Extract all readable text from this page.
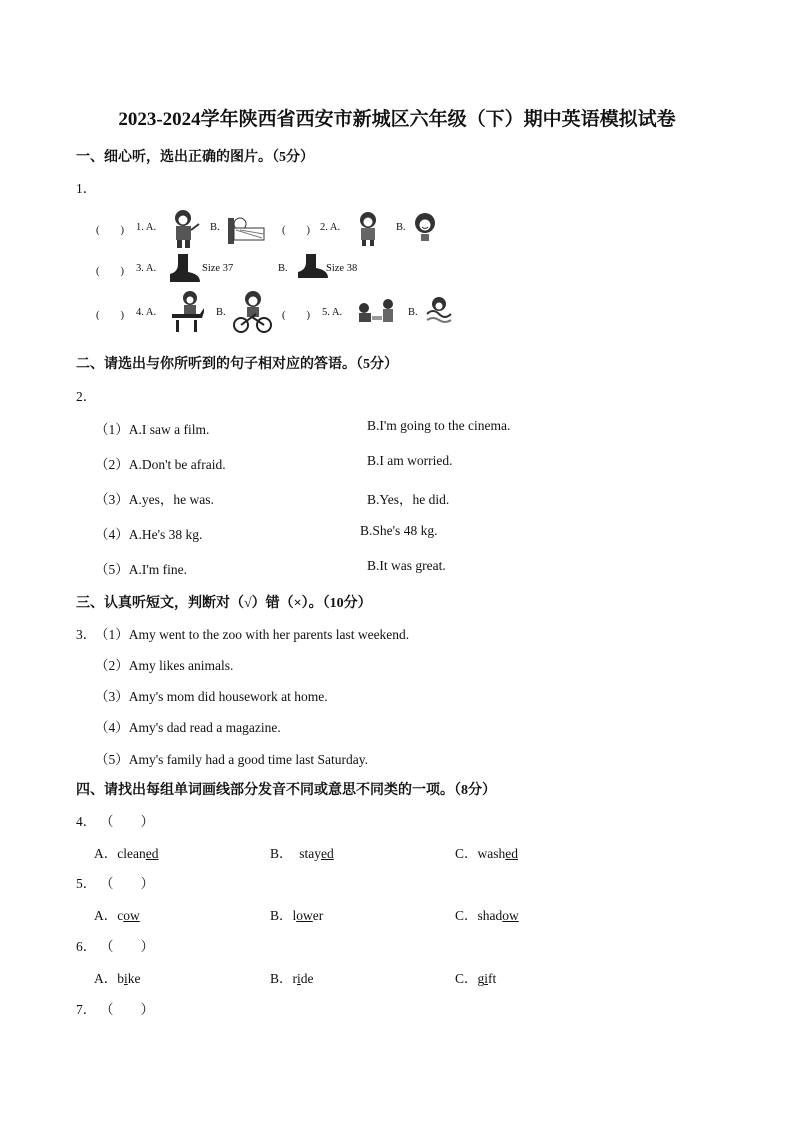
2023-2024学年陕西省西安市新城区六年级（下）期中英语模拟试卷
一、细心听，选出正确的图片。（5分）
1．
(　　) 1. A.	B.	(　　) 2. A.	B.
(　　) 3. A.	Size 37	B.	Size 38
(　　) 4. A.	B.	(　　) 5. A.	B.
二、请选出与你所听到的句子相对应的答语。（5分）
2．
（1）A.I saw a film.	B.I'm going to the cinema.
（2）A.Don't be afraid.	B.I am worried.
（3）A.yes，he was.	B.Yes，he did.
（4）A.He's 38 kg.	B.She's 48 kg.
（5）A.I'm fine.	B.It was great.
三、认真听短文，判断对（√）错（×）。（10分）
3．
（1）Amy went to the zoo with her parents last weekend.
（2）Amy likes animals.
（3）Amy's mom did housework at home.
（4）Amy's dad read a magazine.
（5）Amy's family had a good time last Saturday.
四、请找出每组单词画线部分发音不同或意思不同类的一项。（8分）
4． （　　）
A．cleaned	B． stayed	C．washed
5． （　　）
A．cow	B．lower	C．shadow
6． （　　）
A．bike	B．ride	C．gift
7． （　　）
